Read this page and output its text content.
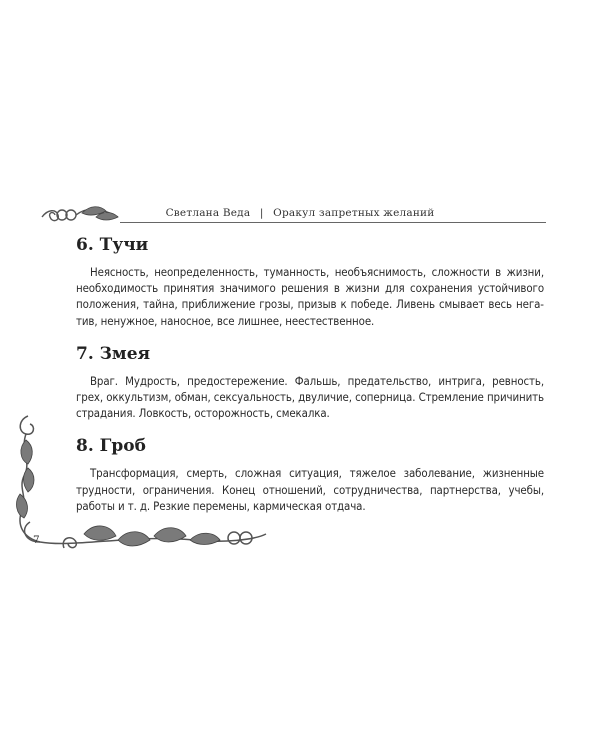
Светлана Веда | Оракул запретных желаний
6. Тучи

Неясность, неопределенность, туманность, необъяснимость, сложности в жизни, необходимость принятия значимого решения в жизни для сохранения устойчивого положения, тайна, приближение грозы, призыв к победе. Ливень смывает весь негатив, ненужное, наносное, все лишнее, неестественное.

7. Змея

Враг. Мудрость, предостережение. Фальшь, предательство, интрига, ревность, грех, оккультизм, обман, сексуальность, двуличие, соперница. Стремление причинить страдания. Ловкость, осторожность, смекалка.

8. Гроб

Трансформация, смерть, сложная ситуация, тяжелое заболевание, жизненные трудности, ограничения. Конец отношений, сотрудничества, партнерства, учебы, работы и т. д. Резкие перемены, кармическая отдача.

7
